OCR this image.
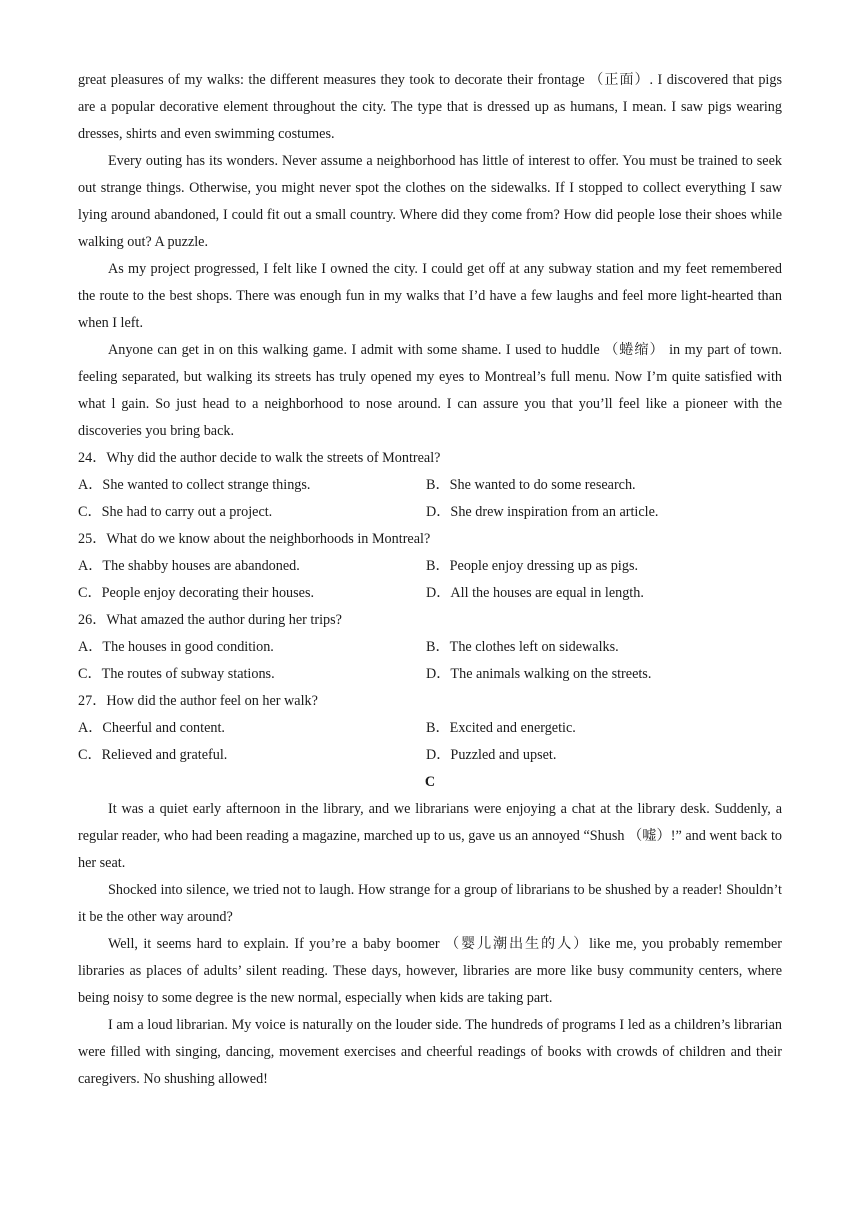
great pleasures of my walks: the different measures they took to decorate their frontage （正面）. I discovered that pigs are a popular decorative element throughout the city. The type that is dressed up as humans, I mean. I saw pigs wearing dresses, shirts and even swimming costumes.

Every outing has its wonders. Never assume a neighborhood has little of interest to offer. You must be trained to seek out strange things. Otherwise, you might never spot the clothes on the sidewalks. If I stopped to collect everything I saw lying around abandoned, I could fit out a small country. Where did they come from? How did people lose their shoes while walking out? A puzzle.

As my project progressed, I felt like I owned the city. I could get off at any subway station and my feet remembered the route to the best shops. There was enough fun in my walks that I’d have a few laughs and feel more light-hearted than when I left.

Anyone can get in on this walking game. I admit with some shame. I used to huddle （蜷缩） in my part of town. feeling separated, but walking its streets has truly opened my eyes to Montreal’s full menu. Now I’m quite satisfied with what l gain. So just head to a neighborhood to nose around. I can assure you that you’ll feel like a pioneer with the discoveries you bring back.

24．Why did the author decide to walk the streets of Montreal?

A．She wanted to collect strange things.	B．She wanted to do some research.

C．She had to carry out a project.	D．She drew inspiration from an article.

25．What do we know about the neighborhoods in Montreal?

A．The shabby houses are abandoned.	B．People enjoy dressing up as pigs.

C．People enjoy decorating their houses.	D．All the houses are equal in length.

26．What amazed the author during her trips?

A．The houses in good condition.	B．The clothes left on sidewalks.

C．The routes of subway stations.	D．The animals walking on the streets.

27．How did the author feel on her walk?

A．Cheerful and content.	B．Excited and energetic.

C．Relieved and grateful.	D．Puzzled and upset.

C

It was a quiet early afternoon in the library, and we librarians were enjoying a chat at the library desk. Suddenly, a regular reader, who had been reading a magazine, marched up to us, gave us an annoyed “Shush （嘘）!” and went back to her seat.

Shocked into silence, we tried not to laugh. How strange for a group of librarians to be shushed by a reader! Shouldn’t it be the other way around?

Well, it seems hard to explain. If you’re a baby boomer （婴儿潮出生的人）like me, you probably remember libraries as places of adults’ silent reading. These days, however, libraries are more like busy community centers, where being noisy to some degree is the new normal, especially when kids are taking part.

I am a loud librarian. My voice is naturally on the louder side. The hundreds of programs I led as a children’s librarian were filled with singing, dancing, movement exercises and cheerful readings of books with crowds of children and their caregivers. No shushing allowed!
